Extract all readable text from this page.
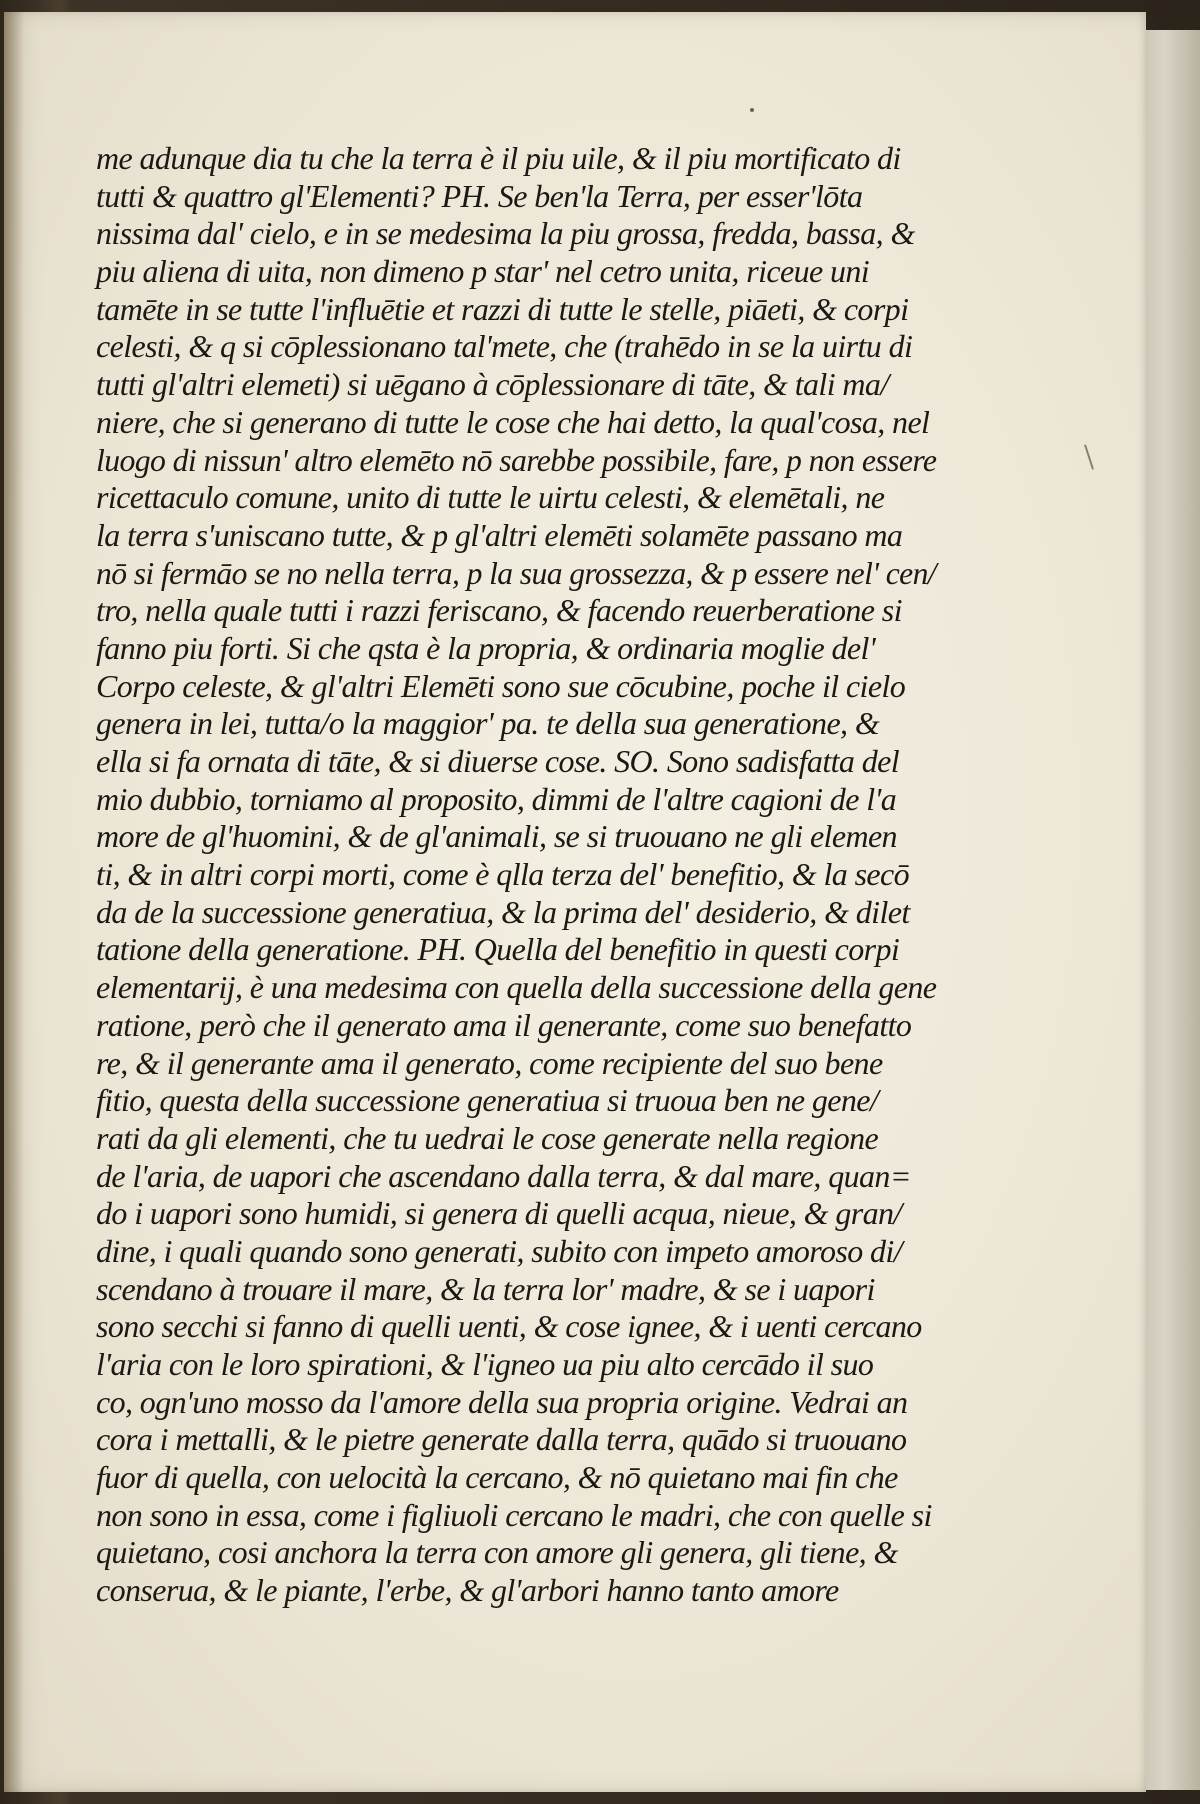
me adunque dia tu che la terra è il piu uile, & il piu mortificato di
tutti & quattro gl'Elementi? PH. Se ben'la Terra, per esser'lōta
nissima dal' cielo, e in se medesima la piu grossa, fredda, bassa, &
piu aliena di uita, non dimeno p star' nel cetro unita, riceue uni
tamēte in se tutte l'influētie et razzi di tutte le stelle, piāeti, & corpi
celesti, & q si cōplessionano tal'mete, che (trahēdo in se la uirtu di
tutti gl'altri elemeti) si uēgano à cōplessionare di tāte, & tali ma/
niere, che si generano di tutte le cose che hai detto, la qual'cosa, nel
luogo di nissun' altro elemēto nō sarebbe possibile, fare, p non essere
ricettaculo comune, unito di tutte le uirtu celesti, & elemētali, ne
la terra s'uniscano tutte, & p gl'altri elemēti solamēte passano ma
nō si fermāo se no nella terra, p la sua grossezza, & p essere nel' cen/
tro, nella quale tutti i razzi feriscano, & facendo reuerberatione si
fanno piu forti. Si che qsta è la propria, & ordinaria moglie del'
Corpo celeste, & gl'altri Elemēti sono sue cōcubine, poche il cielo
genera in lei, tutta/o la maggior' pa. te della sua generatione, &
ella si fa ornata di tāte, & si diuerse cose. SO. Sono sadisfatta del
mio dubbio, torniamo al proposito, dimmi de l'altre cagioni de l'a
more de gl'huomini, & de gl'animali, se si truouano ne gli elemen
ti, & in altri corpi morti, come è qlla terza del' benefitio, & la secō
da de la successione generatiua, & la prima del' desiderio, & dilet
tatione della generatione. PH. Quella del benefitio in questi corpi
elementarij, è una medesima con quella della successione della gene
ratione, però che il generato ama il generante, come suo benefatto
re, & il generante ama il generato, come recipiente del suo bene
fitio, questa della successione generatiua si truoua ben ne gene/
rati da gli elementi, che tu uedrai le cose generate nella regione
de l'aria, de uapori che ascendano dalla terra, & dal mare, quan=
do i uapori sono humidi, si genera di quelli acqua, nieue, & gran/
dine, i quali quando sono generati, subito con impeto amoroso di/
scendano à trouare il mare, & la terra lor' madre, & se i uapori
sono secchi si fanno di quelli uenti, & cose ignee, & i uenti cercano
l'aria con le loro spirationi, & l'igneo ua piu alto cercādo il suo
co, ogn'uno mosso da l'amore della sua propria origine. Vedrai an
cora i mettalli, & le pietre generate dalla terra, quādo si truouano
fuor di quella, con uelocità la cercano, & nō quietano mai fin che
non sono in essa, come i figliuoli cercano le madri, che con quelle si
quietano, cosi anchora la terra con amore gli genera, gli tiene, &
conserua, & le piante, l'erbe, & gl'arbori hanno tanto amore
